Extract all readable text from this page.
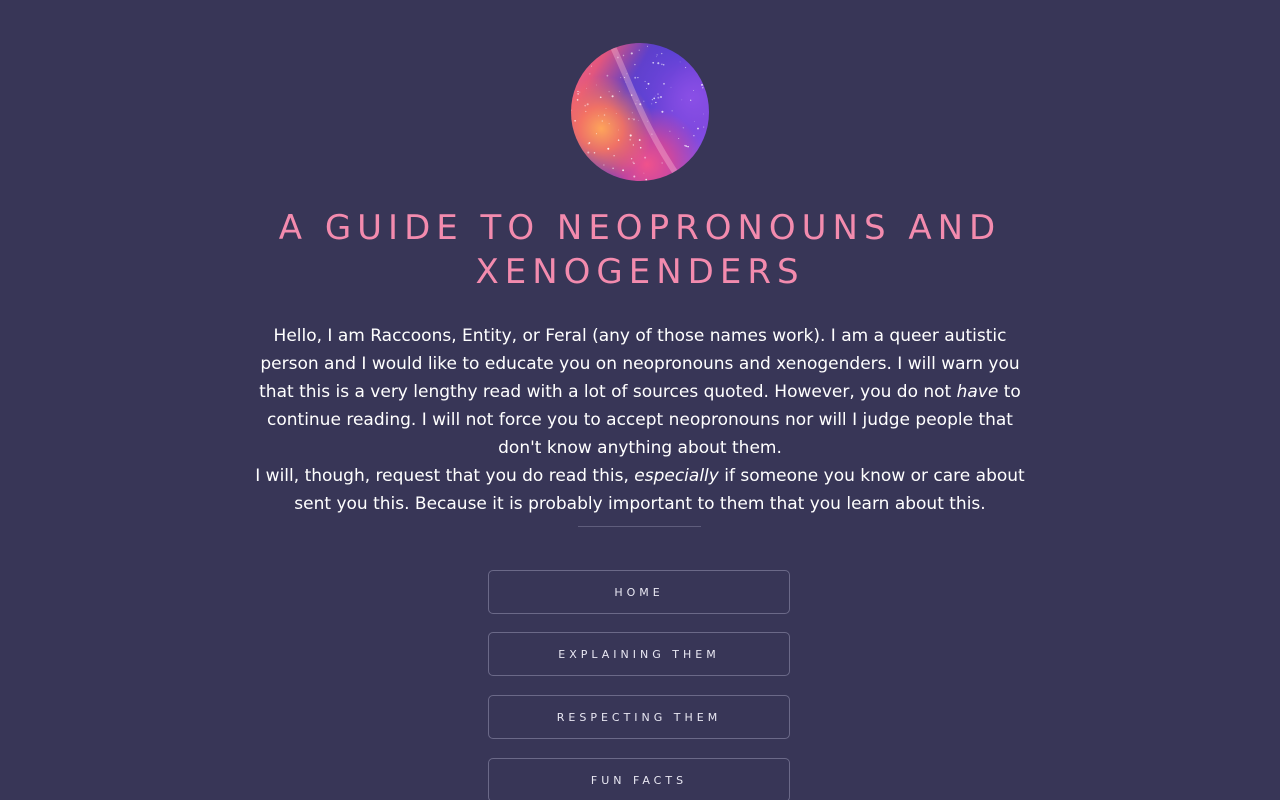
A GUIDE TO NEOPRONOUNS AND XENOGENDERS

Hello, I am Raccoons, Entity, or Feral (any of those names work). I am a queer autistic person and I would like to educate you on neopronouns and xenogenders. I will warn you that this is a very lengthy read with a lot of sources quoted. However, you do not have to continue reading. I will not force you to accept neopronouns nor will I judge people that don't know anything about them.

I will, though, request that you do read this, especially if someone you know or care about sent you this. Because it is probably important to them that you learn about this.

HOME
EXPLAINING THEM
RESPECTING THEM
FUN FACTS
